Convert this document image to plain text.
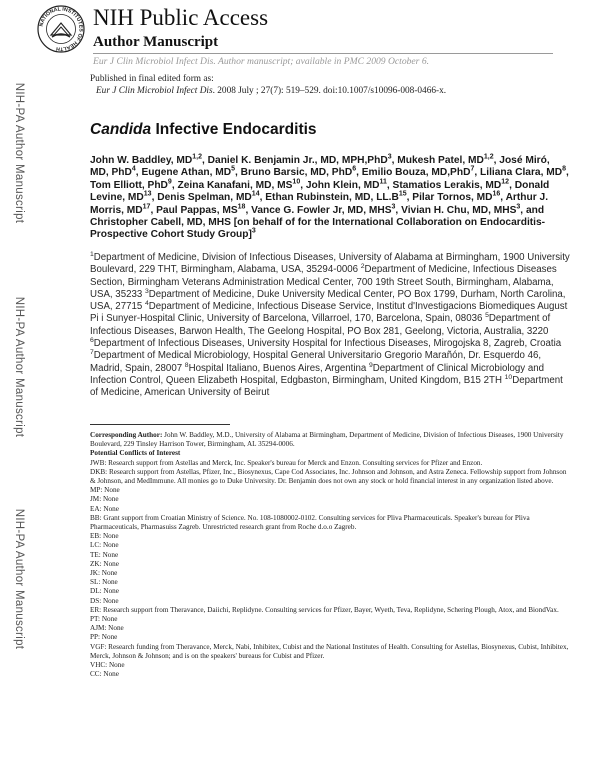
NATIONAL INSTITUTES OF HEALTH
NIH Public Access
Author Manuscript
Eur J Clin Microbiol Infect Dis. Author manuscript; available in PMC 2009 October 6.
Published in final edited form as:
Eur J Clin Microbiol Infect Dis. 2008 July ; 27(7): 519–529. doi:10.1007/s10096-008-0466-x.
NIH-PA Author Manuscript
NIH-PA Author Manuscript
NIH-PA Author Manuscript
Candida Infective Endocarditis
John W. Baddley, MD$^{1,2}$, Daniel K. Benjamin Jr., MD, MPH,PhD$^3$, Mukesh Patel, MD$^{1,2}$, José Miró, MD, PhD$^4$, Eugene Athan, $MD^5$, Bruno Barsic, MD, PhD$^6$, Emilio Bouza, MD,PhD$^7$, Liliana Clara, $MD^8$, Tom Elliott, PhD$^9$, Zeina Kanafani, MD, MS$^{10}$, John Klein, MD$^{11}$, Stamatios Lerakis, MD$^{12}$, Donald Levine, MD$^{13}$, Denis Spelman, MD$^{14}$, Ethan Rubinstein, MD, $LL.B^{15}$, Pilar Tornos, MD$^{16}$, Arthur J. Morris, MD$^{17}$, Paul Pappas, MS$^{18}$, Vance G. Fowler Jr, MD, MHS$^3$, Vivian H. Chu, MD, MHS$^3$, and Christopher Cabell, MD, MHS [on behalf of for the International Collaboration on Endocarditis-Prospective Cohort Study Group]$^3$
$^1$Department of Medicine, Division of Infectious Diseases, University of Alabama at Birmingham, 1900 University Boulevard, 229 THT, Birmingham, Alabama, USA, 35294-0006 $^2$Department of Medicine, Infectious Diseases Section, Birmingham Veterans Administration Medical Center, 700 19th Street South, Birmingham, Alabama, USA, 35233 $^3$Department of Medicine, Duke University Medical Center, PO Box 1799, Durham, North Carolina, USA, 27715 $^4$Department of Medicine, Infectious Disease Service, Institut d'Investigacions Biomediques August Pi i Sunyer-Hospital Clinic, University of Barcelona, Villarroel, 170, Barcelona, Spain, 08036 $^5$Department of Infectious Diseases, Barwon Health, The Geelong Hospital, PO Box 281, Geelong, Victoria, Australia, 3220 $^6$Department of Infectious Diseases, University Hospital for Infectious Diseases, Mirogojska 8, Zagreb, Croatia $^7$Department of Medical Microbiology, Hospital General Universitario Gregorio Marañón, Dr. Esquerdo 46, Madrid, Spain, 28007 $^8$Hospital Italiano, Buenos Aires, Argentina $^9$Department of Clinical Microbiology and Infection Control, Queen Elizabeth Hospital, Edgbaston, Birmingham, United Kingdom, B15 2TH $^{10}$Department of Medicine, American University of Beirut

Corresponding Author: John W. Baddley, M.D., University of Alabama at Birmingham, Department of Medicine, Division of Infectious Diseases, 1900 University Boulevard, 229 Tinsley Harrison Tower, Birmingham, AL 35294-0006.

Potential Conflicts of Interest

JWB: Research support from Astellas and Merck, Inc. Speaker's bureau for Merck and Enzon. Consulting services for Pfizer and Enzon.

DKB: Research support from Astellas, Pfizer, Inc., Biosynexus, Cape Cod Associates, Inc. Johnson and Johnson, and Astra Zeneca. Fellowship support from Johnson & Johnson, and MedImmune. All monies go to Duke University. Dr. Benjamin does not own any stock or hold financial interest in any organization listed above.

MP: None

JM: None

EA: None

BB: Grant support from Croatian Ministry of Science. No. 108-1080002-0102. Consulting services for Pliva Pharmaceuticals. Speaker's bureau for Pliva Pharmaceuticals, Pharmasuiss Zagreb. Unrestricted research grant from Roche d.o.o Zagreb.

EB: None

LC: None

TE: None

ZK: None

JK: None

SL: None

DL: None

DS: None

ER: Research support from Theravance, Daiichi, Replidyne. Consulting services for Pfizer, Bayer, Wyeth, Teva, Replidyne, Schering Plough, Atox, and BiondVax.

PT: None

AJM: None

PP: None

VGF: Research funding from Theravance, Merck, Nabi, Inhibitex, Cubist and the National Institutes of Health. Consulting for Astellas, Biosynexus, Cubist, Inhibitex, Merck, Johnson & Johnson; and is on the speakers' bureaus for Cubist and Pfizer.

VHC: None

CC: None
